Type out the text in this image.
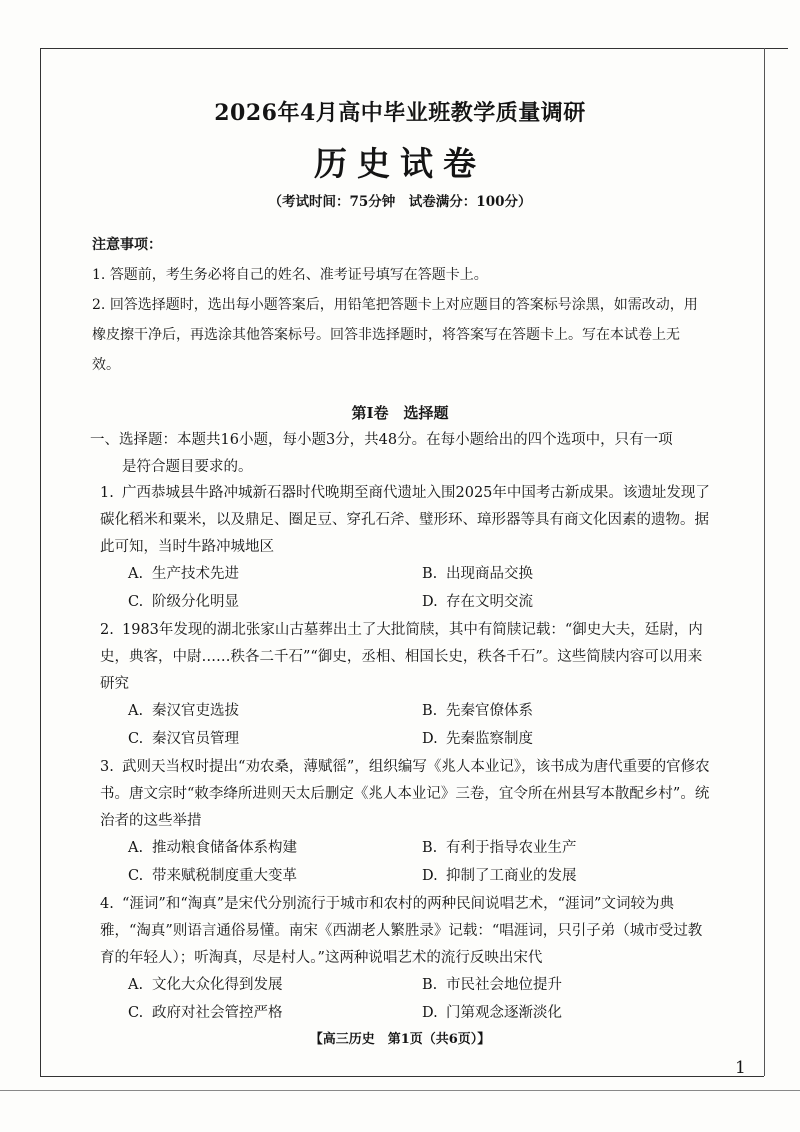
2026年4月高中毕业班教学质量调研
历史试卷
（考试时间：75分钟　试卷满分：100分）
注意事项：
1. 答题前，考生务必将自己的姓名、准考证号填写在答题卡上。
2. 回答选择题时，选出每小题答案后，用铅笔把答题卡上对应题目的答案标号涂黑，如需改动，用橡皮擦干净后，再选涂其他答案标号。回答非选择题时，将答案写在答题卡上。写在本试卷上无效。
第Ⅰ卷　选择题
一、选择题：本题共16小题，每小题3分，共48分。在每小题给出的四个选项中，只有一项
是符合题目要求的。
1. 广西恭城县牛路冲城新石器时代晚期至商代遗址入围2025年中国考古新成果。该遗址发现了碳化稻米和粟米，以及鼎足、圈足豆、穿孔石斧、璧形环、璋形器等具有商文化因素的遗物。据此可知，当时牛路冲城地区
A. 生产技术先进	B. 出现商品交换
C. 阶级分化明显	D. 存在文明交流
2. 1983年发现的湖北张家山古墓葬出土了大批简牍，其中有简牍记载：“御史大夫，廷尉，内史，典客，中尉……秩各二千石”“御史，丞相、相国长史，秩各千石”。这些简牍内容可以用来研究
A. 秦汉官吏选拔	B. 先秦官僚体系
C. 秦汉官员管理	D. 先秦监察制度
3. 武则天当权时提出“劝农桑，薄赋徭”，组织编写《兆人本业记》，该书成为唐代重要的官修农书。唐文宗时“敕李绛所进则天太后删定《兆人本业记》三卷，宜令所在州县写本散配乡村”。统治者的这些举措
A. 推动粮食储备体系构建	B. 有利于指导农业生产
C. 带来赋税制度重大变革	D. 抑制了工商业的发展
4. “涯词”和“淘真”是宋代分别流行于城市和农村的两种民间说唱艺术，“涯词”文词较为典雅，“淘真”则语言通俗易懂。南宋《西湖老人繁胜录》记载：“唱涯词，只引子弟（城市受过教育的年轻人）；听淘真，尽是村人。”这两种说唱艺术的流行反映出宋代
A. 文化大众化得到发展	B. 市民社会地位提升
C. 政府对社会管控严格	D. 门第观念逐渐淡化
【高三历史　第1页（共6页）】
1
